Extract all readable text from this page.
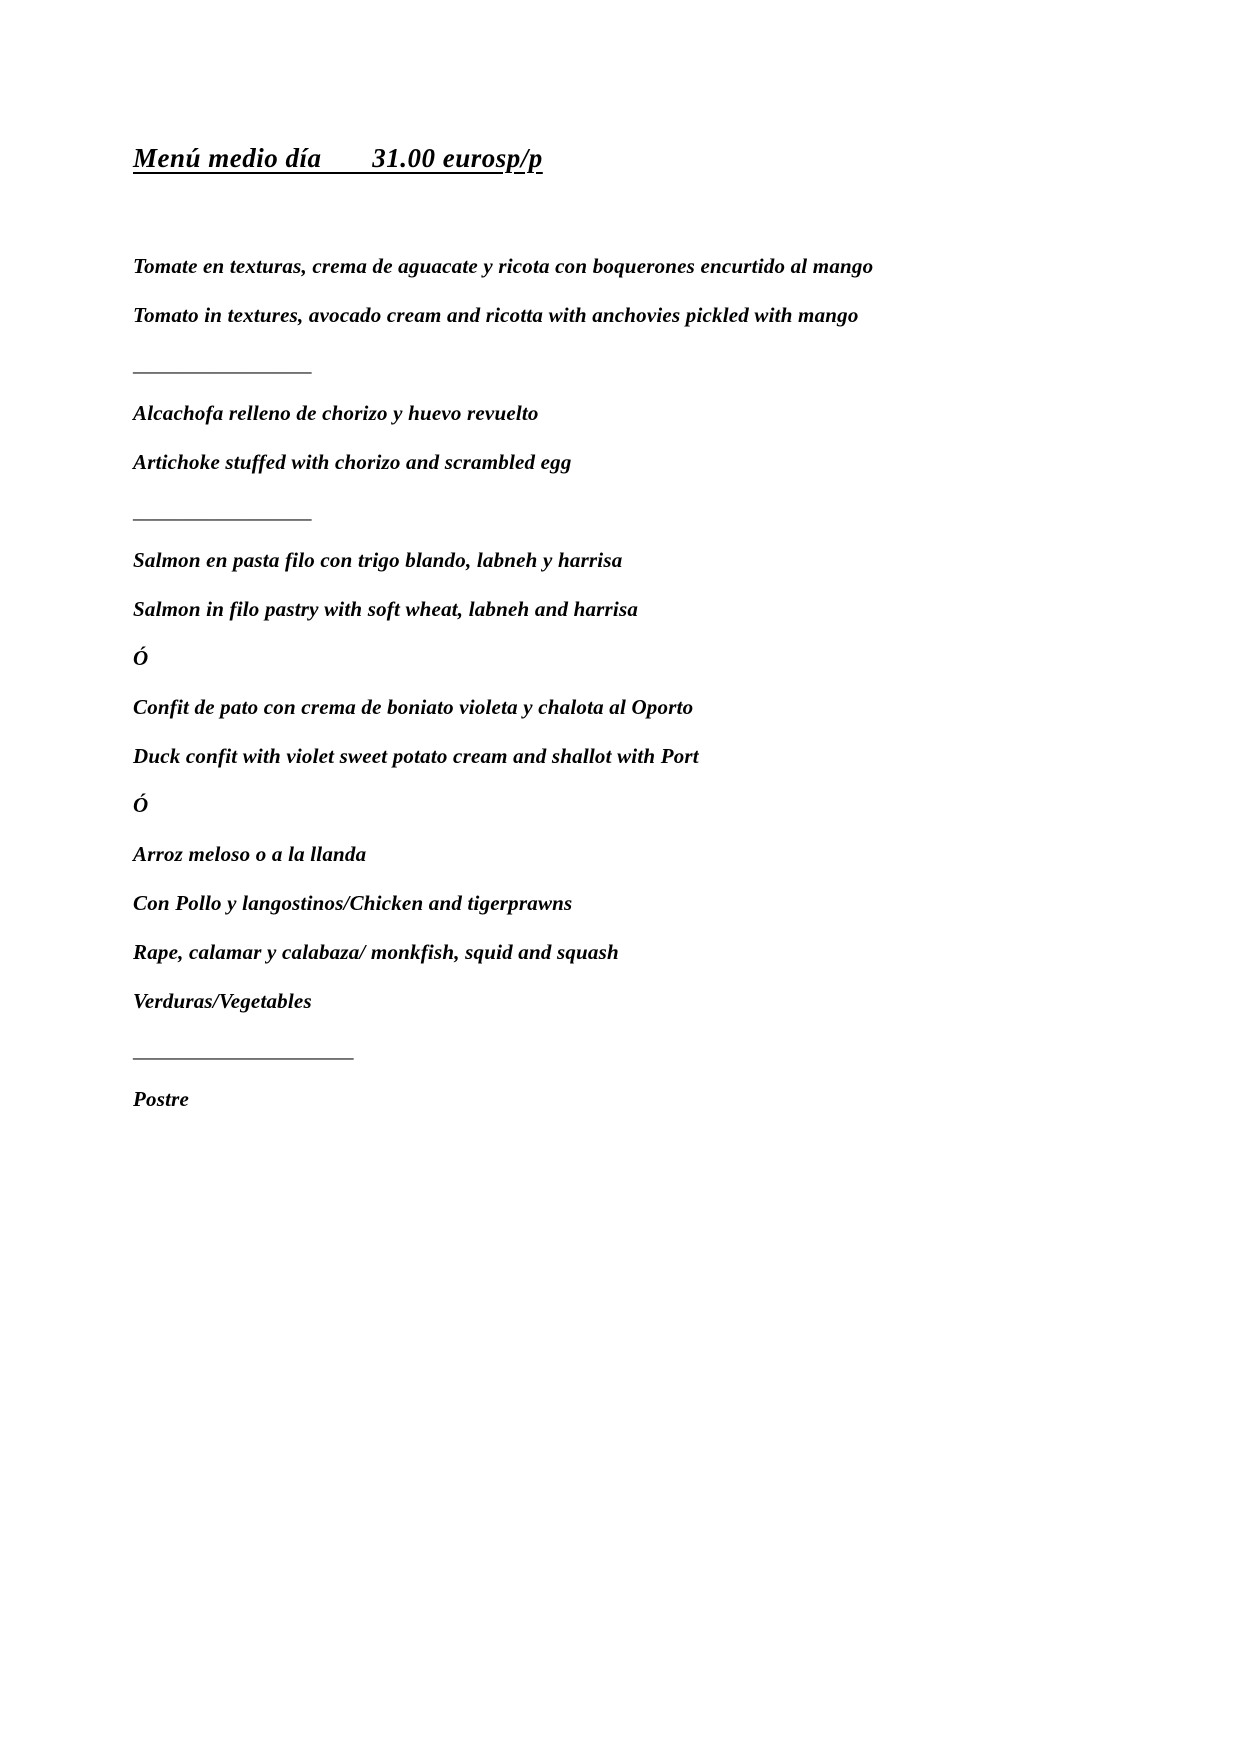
Menú medio día       31.00 eurosp/p
Tomate en texturas, crema de aguacate y ricota con boquerones encurtido al mango
Tomato in textures, avocado cream and ricotta with anchovies pickled with mango
_________________
Alcachofa relleno de chorizo y huevo revuelto
Artichoke stuffed with chorizo and scrambled egg
_________________
Salmon en pasta filo con trigo blando, labneh y harrisa
Salmon in filo pastry with soft wheat, labneh and harrisa
Ó
Confit de pato con crema de boniato violeta y chalota al Oporto
Duck confit with violet sweet potato cream and shallot with Port
Ó
Arroz meloso o a la llanda
Con Pollo y langostinos/Chicken and tigerprawns
Rape, calamar y calabaza/ monkfish, squid and squash
Verduras/Vegetables
_____________________
Postre
